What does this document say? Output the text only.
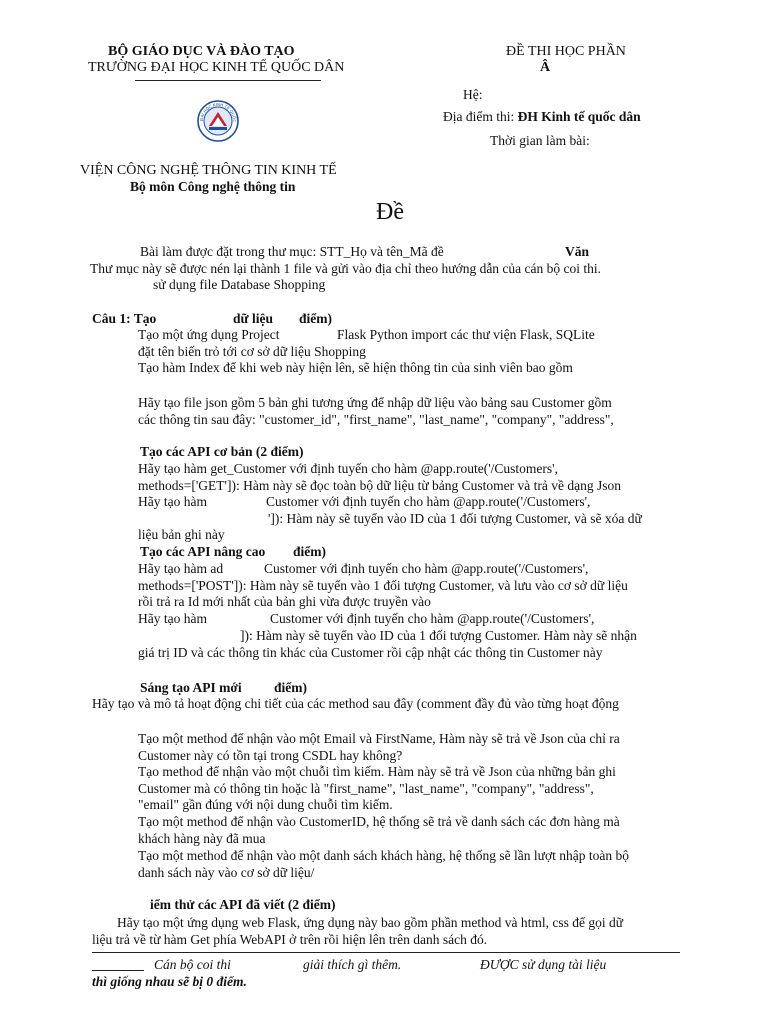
BỘ GIÁO DỤC VÀ ĐÀO TẠO
TRƯỜNG ĐẠI HỌC KINH TẾ QUỐC DÂN
ĐỀ THI HỌC PHẦN
Â
Hệ:
Địa điểm thi: ĐH Kinh tế quốc dân
Thời gian làm bài:
ĐẠI HỌC KINH TẾ QUỐC
VIỆN CÔNG NGHỆ THÔNG TIN KINH TẾ
Bộ môn Công nghệ thông tin
Đề
Bài làm được đặt trong thư mục: STT_Họ và tên_Mã đề	Văn
Thư mục này sẽ được nén lại thành 1 file và gửi vào địa chỉ theo hướng dẫn của cán bộ coi thi.
sử dụng file Database Shopping
Câu 1: Tạo	dữ liệu điểm)
Tạo một ứng dụng Project	Flask Python import các thư viện Flask, SQLite
đặt tên biến trỏ tới cơ sở dữ liệu Shopping
Tạo hàm Index để khi web này hiện lên, sẽ hiện thông tin của sinh viên bao gồm
Hãy tạo file json gồm 5 bản ghi tương ứng để nhập dữ liệu vào bảng sau Customer gồm
các thông tin sau đây: "customer_id", "first_name", "last_name", "company", "address",
Tạo các API cơ bản (2 điểm)
Hãy tạo hàm get_Customer với định tuyến cho hàm @app.route('/Customers',
methods=['GET']): Hàm này sẽ đọc toàn bộ dữ liệu từ bảng Customer và trả về dạng Json
Hãy tạo hàm	Customer với định tuyến cho hàm @app.route('/Customers',
']): Hàm này sẽ tuyển vào ID của 1 đối tượng Customer, và sẽ xóa dữ
liệu bản ghi này
Tạo các API nâng cao điểm)
Hãy tạo hàm ad	Customer với định tuyến cho hàm @app.route('/Customers',
methods=['POST']): Hàm này sẽ tuyển vào 1 đối tượng Customer, và lưu vào cơ sở dữ liệu
rồi trả ra Id mới nhất của bản ghi vừa được truyền vào
Hãy tạo hàm	Customer với định tuyến cho hàm @app.route('/Customers',
]): Hàm này sẽ tuyển vào ID của 1 đối tượng Customer. Hàm này sẽ nhận
giá trị ID và các thông tin khác của Customer rồi cập nhật các thông tin Customer này
Sáng tạo API mới điểm)
Hãy tạo và mô tả hoạt động chi tiết của các method sau đây (comment đầy đủ vào từng hoạt động
Tạo một method để nhận vào một Email và FirstName, Hàm này sẽ trả về Json của chỉ ra
Customer này có tồn tại trong CSDL hay không?
Tạo method để nhận vào một chuỗi tìm kiếm. Hàm này sẽ trả về Json của những bản ghi
Customer mà có thông tin hoặc là "first_name", "last_name", "company", "address",
"email" gần đúng với nội dung chuỗi tìm kiếm.
Tạo một method để nhận vào CustomerID, hệ thống sẽ trả về danh sách các đơn hàng mà
khách hàng này đã mua
Tạo một method để nhận vào một danh sách khách hàng, hệ thống sẽ lần lượt nhập toàn bộ
danh sách này vào cơ sở dữ liệu/
iểm thử các API đã viết (2 điểm)
Hãy tạo một ứng dụng web Flask, ứng dụng này bao gồm phần method và html, css để gọi dữ
liệu trả về từ hàm Get phía WebAPI ở trên rồi hiện lên trên danh sách đó.
Cán bộ coi thi	giải thích gì thêm.	ĐƯỢC sử dụng tài liệu
thì giống nhau sẽ bị 0 điểm.
